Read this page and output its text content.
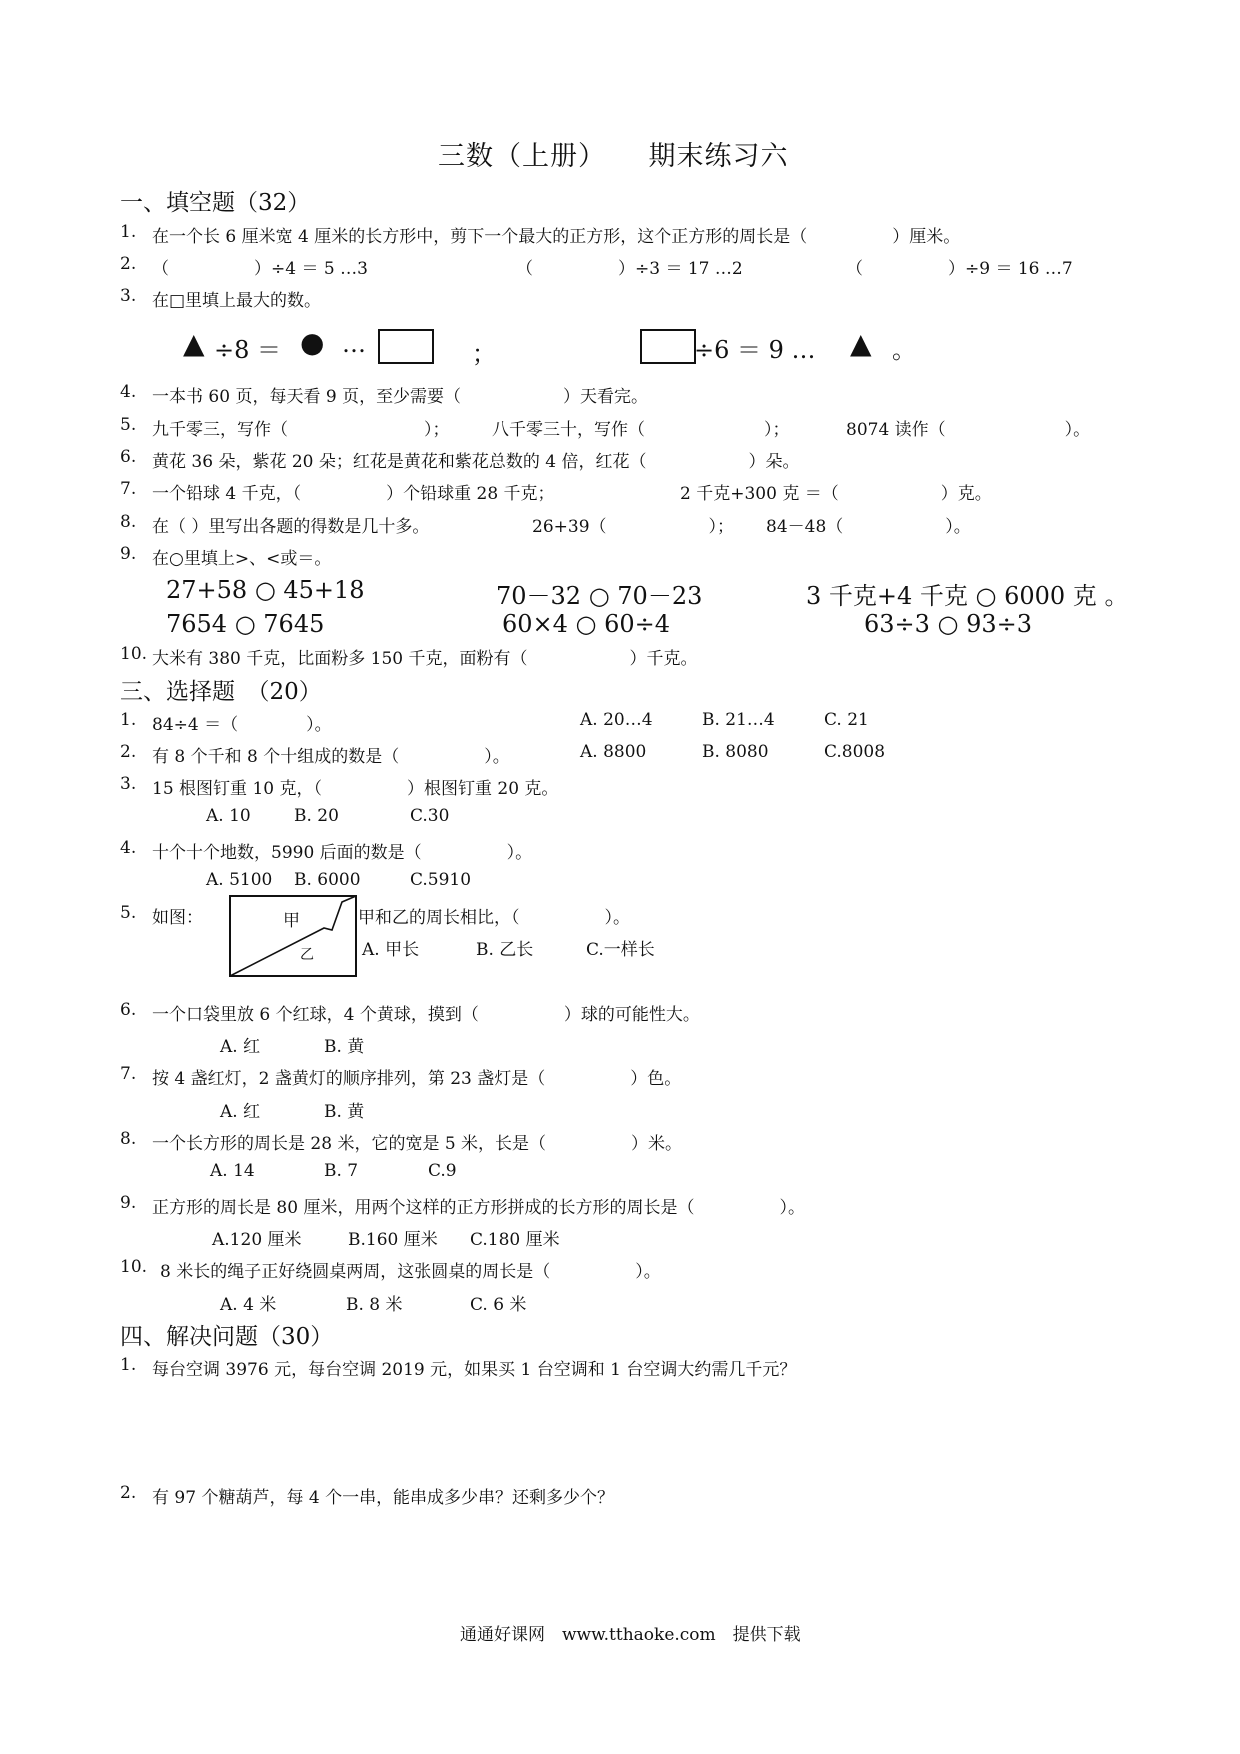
三数（上册）　　期末练习六
一、填空题（32）
1. 在一个长 6 厘米宽 4 厘米的长方形中，剪下一个最大的正方形，这个正方形的周长是（　　　　　）厘米。
2. （　　　　　）÷4 ＝ 5 …3	（　　　　　）÷3 ＝ 17 …2	（　　　　　）÷9 ＝ 16 …7
3. 在□里填上最大的数。
▲ ÷8 ＝ ● …	；	÷6 ＝ 9 … ▲ 。
4. 一本书 60 页，每天看 9 页，至少需要（　　　　　　）天看完。
5. 九千零三，写作（　　　　　　　　）；	八千零三十，写作（　　　　　　　）；	8074 读作（　　　　　　　）。
6. 黄花 36 朵，紫花 20 朵；红花是黄花和紫花总数的 4 倍，红花（　　　　　　）朵。
7. 一个铅球 4 千克，（　　　　　）个铅球重 28 千克；	2 千克+300 克 ＝（　　　　　　）克。
8. 在（ ）里写出各题的得数是几十多。	26+39（　　　　　　）； 84－48（　　　　　　）。
9. 在○里填上>、<或＝。
27+58 ○ 45+18	70－32 ○ 70－23	3 千克+4 千克 ○ 6000 克 。
7654 ○ 7645	60×4 ○ 60÷4	63÷3 ○ 93÷3
10. 大米有 380 千克，比面粉多 150 千克，面粉有（　　　　　　）千克。
三、选择题　（20）
1. 84÷4 ＝（　　　　）。	A. 20…4	B. 21…4	C. 21
2. 有 8 个千和 8 个十组成的数是（　　　　　）。	A. 8800	B. 8080	C.8008
3. 15 根图钉重 10 克，（　　　　　）根图钉重 20 克。
A. 10	B. 20	C.30
4. 十个十个地数，5990 后面的数是（　　　　　）。
A. 5100 B. 6000	C.5910
5. 如图：	甲
乙
甲和乙的周长相比，（　　　　　）。
A. 甲长	B. 乙长	C.一样长
6. 一个口袋里放 6 个红球，4 个黄球，摸到（　　　　　）球的可能性大。
A. 红	B. 黄
7. 按 4 盏红灯，2 盏黄灯的顺序排列，第 23 盏灯是（　　　　　）色。
A. 红	B. 黄
8. 一个长方形的周长是 28 米，它的宽是 5 米，长是（　　　　　）米。
A. 14	B. 7	C.9
9. 正方形的周长是 80 厘米，用两个这样的正方形拼成的长方形的周长是（　　　　　）。
A.120 厘米	B.160 厘米 C.180 厘米
10. 8 米长的绳子正好绕圆桌两周，这张圆桌的周长是（　　　　　）。
A. 4 米	B. 8 米	C. 6 米
四、解决问题（30）
1. 每台空调 3976 元，每台空调 2019 元，如果买 1 台空调和 1 台空调大约需几千元？
2. 有 97 个糖葫芦，每 4 个一串，能串成多少串？还剩多少个？
通通好课网　www.tthaoke.com　提供下载
